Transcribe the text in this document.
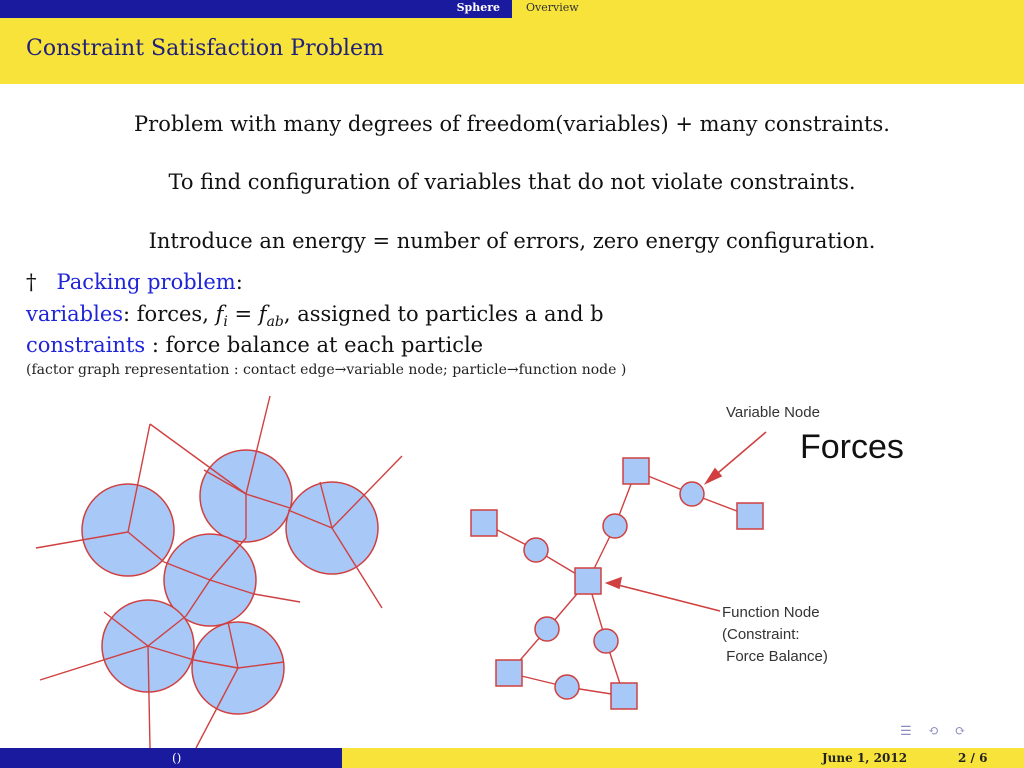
Sphere Overview
Constraint Satisfaction Problem
Problem with many degrees of freedom(variables) + many constraints.
To find configuration of variables that do not violate constraints.
Introduce an energy = number of errors, zero energy configuration.
† Packing problem:
variables: forces, $f_i = f_{ab}$, assigned to particles a and b
constraints : force balance at each particle
(factor graph representation : contact edge→variable node; particle→function node )
Variable Node
Forces
Function Node
(Constraint:
Force Balance)
☰ ⟲ ⟳
()	June 1, 2012	2 / 6
